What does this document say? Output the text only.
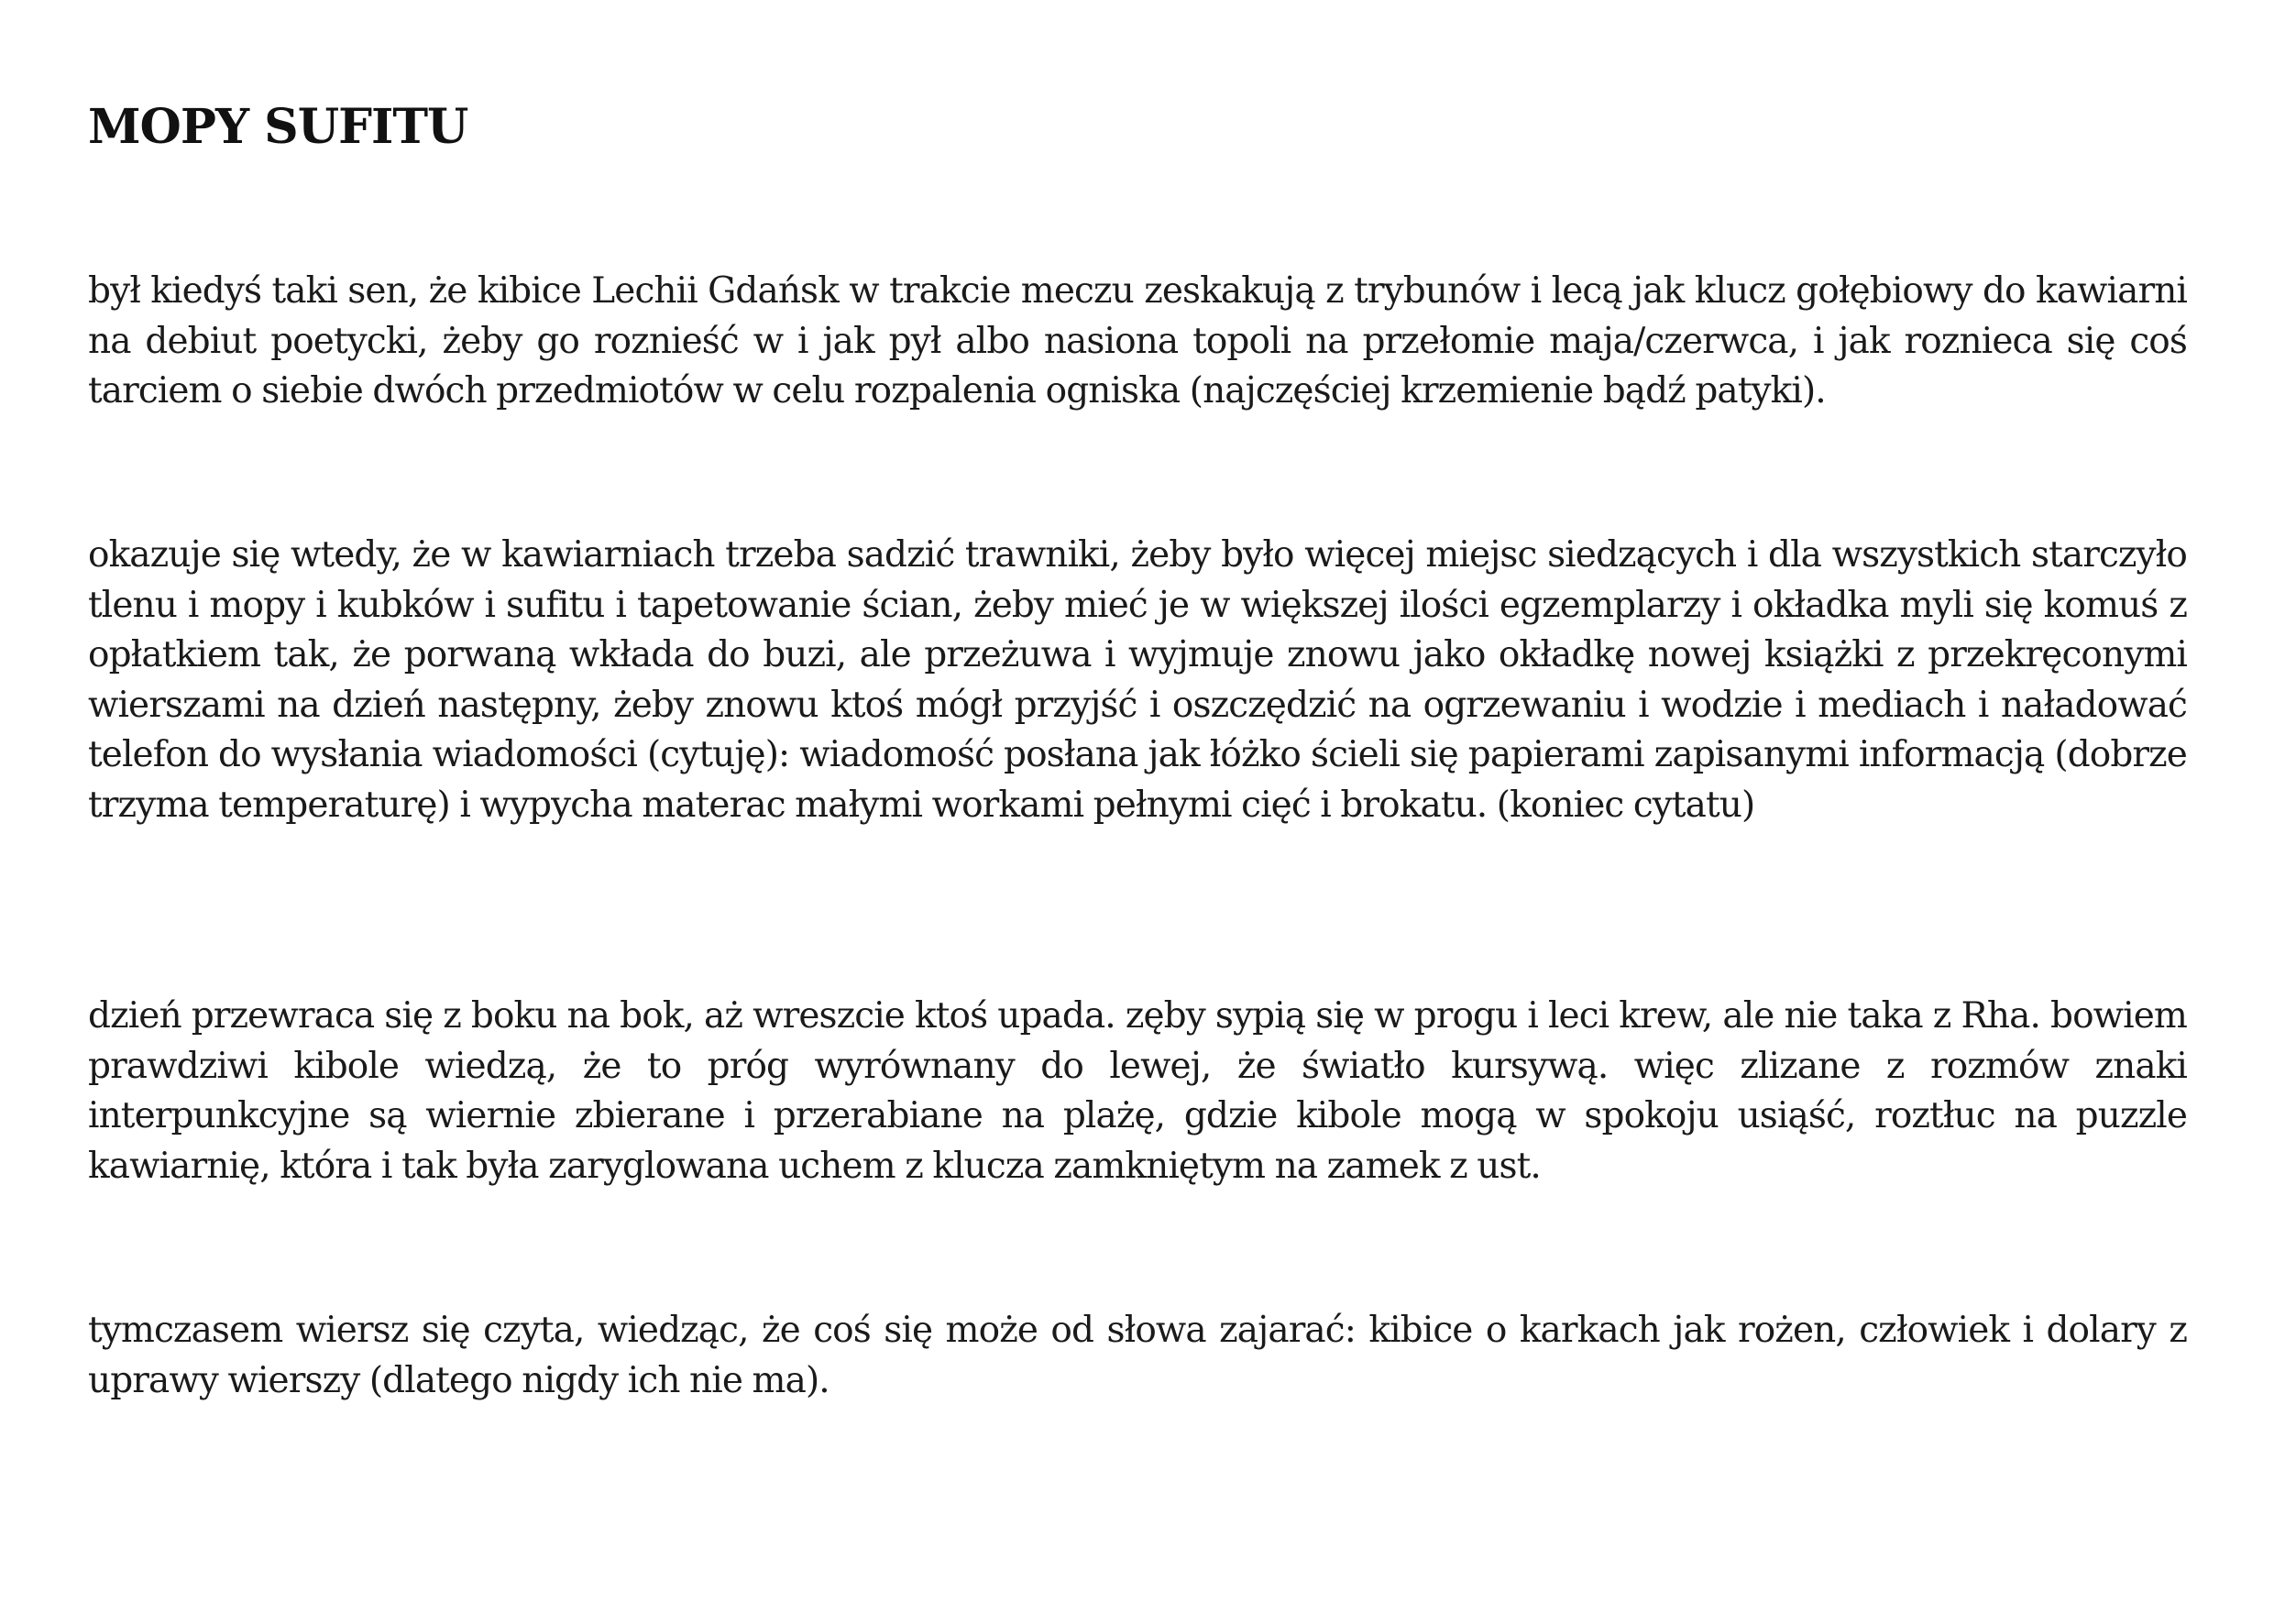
MOPY SUFITU

był kiedyś taki sen, że kibice Lechii Gdańsk w trakcie meczu zeskakują z trybunów i lecą jak klucz gołębiowy do kawiarni na debiut poetycki, żeby go roznieść w i jak pył albo nasiona topoli na przełomie maja/czerwca, i jak roznieca się coś tarciem o siebie dwóch przedmiotów w celu rozpalenia ogniska (najczęściej krzemienie bądź patyki).

okazuje się wtedy, że w kawiarniach trzeba sadzić trawniki, żeby było więcej miejsc siedzących i dla wszystkich starczyło tlenu i mopy i kubków i sufitu i tapetowanie ścian, żeby mieć je w większej ilości egzemplarzy i okładka myli się komuś z opłatkiem tak, że porwaną wkłada do buzi, ale przeżuwa i wyjmuje znowu jako okładkę nowej książki z przekręconymi wierszami na dzień następny, żeby znowu ktoś mógł przyjść i oszczędzić na ogrzewaniu i wodzie i mediach i naładować telefon do wysłania wiadomości (cytuję): wiadomość posłana jak łóżko ścieli się papierami zapisanymi informacją (dobrze trzyma temperaturę) i wypycha materac małymi workami pełnymi cięć i brokatu. (koniec cytatu)

dzień przewraca się z boku na bok, aż wreszcie ktoś upada. zęby sypią się w progu i leci krew, ale nie taka z Rha. bowiem prawdziwi kibole wiedzą, że to próg wyrównany do lewej, że światło kursywą. więc zlizane z rozmów znaki interpunkcyjne są wiernie zbierane i przerabiane na plażę, gdzie kibole mogą w spokoju usiąść, roztłuc na puzzle kawiarnię, która i tak była zaryglowana uchem z klucza zamkniętym na zamek z ust.

tymczasem wiersz się czyta, wiedząc, że coś się może od słowa zajarać: kibice o karkach jak rożen, człowiek i dolary z uprawy wierszy (dlatego nigdy ich nie ma).
